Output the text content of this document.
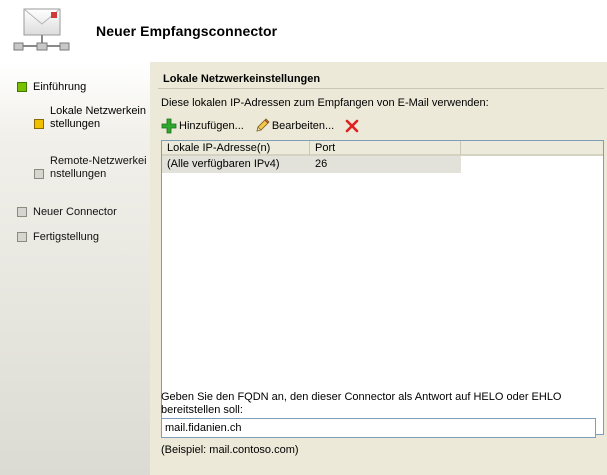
Neuer Empfangsconnector
Einführung
Lokale Netzwerkeinstellungen
Remote-Netzwerkeinstellungen
Neuer Connector
Fertigstellung
Lokale Netzwerkeinstellungen
Diese lokalen IP-Adressen zum Empfangen von E-Mail verwenden:
Hinzufügen...	Bearbeiten...
Lokale IP-Adresse(n)	Port
(Alle verfügbaren IPv4)	26
Geben Sie den FQDN an, den dieser Connector als Antwort auf HELO oder EHLO bereitstellen soll:
mail.fidanien.ch
(Beispiel: mail.contoso.com)
